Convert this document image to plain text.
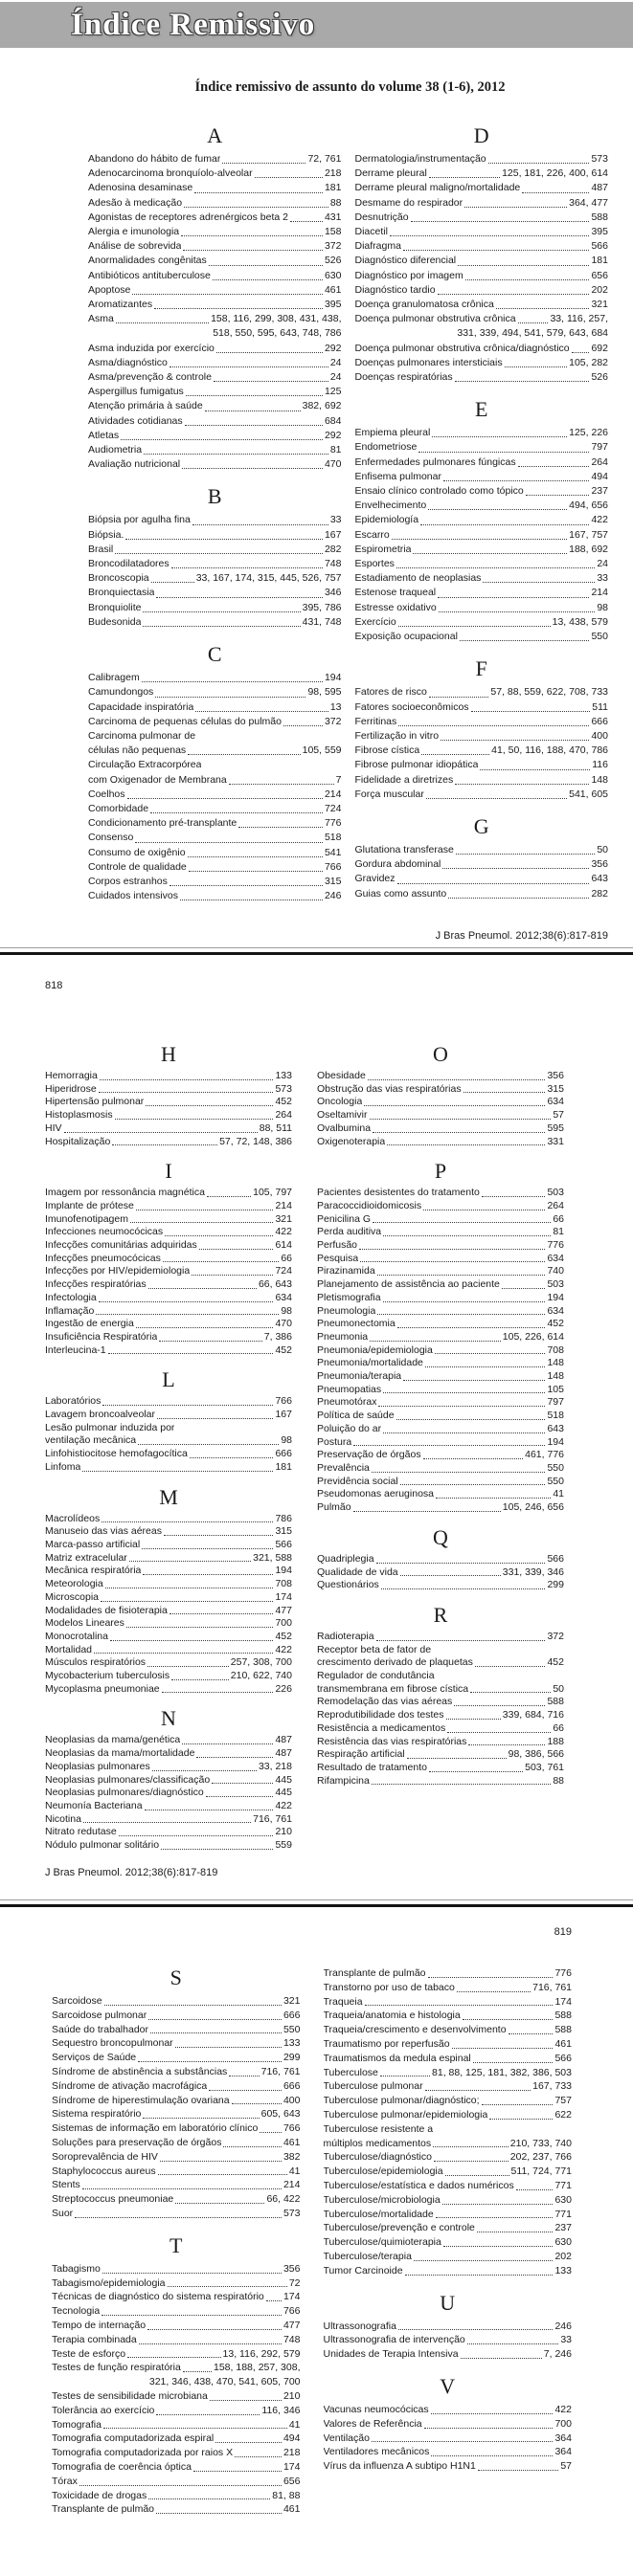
Índice Remissivo
Índice remissivo de assunto do volume 38 (1-6), 2012
A
Abandono do hábito de fumar	72, 761
Adenocarcinoma bronquíolo-alveolar	218
Adenosina desaminase	181
Adesão à medicação	88
Agonistas de receptores adrenérgicos beta 2	431
Alergia e imunologia	158
Análise de sobrevida	372
Anormalidades congênitas	526
Antibióticos antituberculose	630
Apoptose	461
Aromatizantes	395
Asma	158, 116, 299, 308, 431, 438,
518, 550, 595, 643, 748, 786
Asma induzida por exercício	292
Asma/diagnóstico	24
Asma/prevenção & controle	24
Aspergillus fumigatus	125
Atenção primária à saúde	382, 692
Atividades cotidianas	684
Atletas	292
Audiometria	81
Avaliação nutricional	470
B
Biópsia por agulha fina	33
Biópsia.	167
Brasil	282
Broncodilatadores	748
Broncoscopia	33, 167, 174, 315, 445, 526, 757
Bronquiectasia	346
Bronquiolite	395, 786
Budesonida	431, 748
C
Calibragem	194
Camundongos	98, 595
Capacidade inspiratória	13
Carcinoma de pequenas células do pulmão	372
Carcinoma pulmonar de
células não pequenas	105, 559
Circulação Extracorpórea
com Oxigenador de Membrana	7
Coelhos	214
Comorbidade	724
Condicionamento pré-transplante	776
Consenso	518
Consumo de oxigênio	541
Controle de qualidade	766
Corpos estranhos	315
Cuidados intensivos	246
D
Dermatologia/instrumentação	573
Derrame pleural	125, 181, 226, 400, 614
Derrame pleural maligno/mortalidade	487
Desmame do respirador	364, 477
Desnutrição	588
Diacetil	395
Diafragma	566
Diagnóstico diferencial	181
Diagnóstico por imagem	656
Diagnóstico tardio	202
Doença granulomatosa crônica	321
Doença pulmonar obstrutiva crônica	33, 116, 257,
331, 339, 494, 541, 579, 643, 684
Doença pulmonar obstrutiva crônica/diagnóstico 692
Doenças pulmonares intersticiais	105, 282
Doenças respiratórias	526
E
Empiema pleural	125, 226
Endometriose	797
Enfermedades pulmonares fúngicas	264
Enfisema pulmonar	494
Ensaio clínico controlado como tópico	237
Envelhecimento	494, 656
Epidemiología	422
Escarro	167, 757
Espirometria	188, 692
Esportes	24
Estadiamento de neoplasias	33
Estenose traqueal	214
Estresse oxidativo	98
Exercício	13, 438, 579
Exposição ocupacional	550
F
Fatores de risco	57, 88, 559, 622, 708, 733
Fatores socioeconômicos	511
Ferritinas	666
Fertilização in vitro	400
Fibrose cística	41, 50, 116, 188, 470, 786
Fibrose pulmonar idiopática	116
Fidelidade a diretrizes	148
Força muscular	541, 605
G
Glutationa transferase	50
Gordura abdominal	356
Gravidez	643
Guias como assunto	282
J Bras Pneumol. 2012;38(6):817-819
818
H
Hemorragia	133
Hiperidrose	573
Hipertensão pulmonar	452
Histoplasmosis	264
HIV	88, 511
Hospitalização	57, 72, 148, 386
I
Imagem por ressonância magnética	105, 797
Implante de prótese	214
Imunofenotipagem	321
Infecciones neumocócicas	422
Infecções comunitárias adquiridas	614
Infecções pneumocócicas	66
Infecções por HIV/epidemiologia	724
Infecções respiratórias	66, 643
Infectologia	634
Inflamação	98
Ingestão de energia	470
Insuficiência Respiratória	7, 386
Interleucina-1	452
L
Laboratórios	766
Lavagem broncoalveolar	167
Lesão pulmonar induzida por
ventilação mecânica	98
Linfohistiocitose hemofagocítica	666
Linfoma	181
M
Macrolídeos	786
Manuseio das vias aéreas	315
Marca-passo artificial	566
Matriz extracelular	321, 588
Mecânica respiratória	194
Meteorologia	708
Microscopia	174
Modalidades de fisioterapia	477
Modelos Lineares	700
Monocrotalina	452
Mortalidad	422
Músculos respiratórios	257, 308, 700
Mycobacterium tuberculosis	210, 622, 740
Mycoplasma pneumoniae	226
N
Neoplasias da mama/genética	487
Neoplasias da mama/mortalidade	487
Neoplasias pulmonares	33, 218
Neoplasias pulmonares/classificação	445
Neoplasias pulmonares/diagnóstico	445
Neumonía Bacteriana	422
Nicotina	716, 761
Nitrato redutase	210
Nódulo pulmonar solitário	559
O
Obesidade	356
Obstrução das vias respiratórias	315
Oncologia	634
Oseltamivir	57
Ovalbumina	595
Oxigenoterapia	331
P
Pacientes desistentes do tratamento	503
Paracoccidioidomicosis	264
Penicilina G	66
Perda auditiva	81
Perfusão	776
Pesquisa	634
Pirazinamida	740
Planejamento de assistência ao paciente	503
Pletismografia	194
Pneumologia	634
Pneumonectomia	452
Pneumonia	105, 226, 614
Pneumonia/epidemiologia	708
Pneumonia/mortalidade	148
Pneumonia/terapia	148
Pneumopatias	105
Pneumotórax	797
Política de saúde	518
Poluição do ar	643
Postura	194
Preservação de órgãos	461, 776
Prevalência	550
Previdência social	550
Pseudomonas aeruginosa	41
Pulmão	105, 246, 656
Q
Quadriplegia	566
Qualidade de vida	331, 339, 346
Questionários	299
R
Radioterapia	372
Receptor beta de fator de
crescimento derivado de plaquetas	452
Regulador de condutância
transmembrana em fibrose cística	50
Remodelação das vias aéreas	588
Reprodutibilidade dos testes	339, 684, 716
Resistência a medicamentos	66
Resistência das vias respiratórias	188
Respiração artificial	98, 386, 566
Resultado de tratamento	503, 761
Rifampicina	88
J Bras Pneumol. 2012;38(6):817-819
819
S
Sarcoidose	321
Sarcoidose pulmonar	666
Saúde do trabalhador	550
Sequestro broncopulmonar	133
Serviços de Saúde	299
Síndrome de abstinência a substâncias	716, 761
Síndrome de ativação macrofágica	666
Síndrome de hiperestimulação ovariana	400
Sistema respiratório	605, 643
Sistemas de informação em laboratório clínico	766
Soluções para preservação de órgãos	461
Soroprevalência de HIV	382
Staphylococcus aureus	41
Stents	214
Streptococcus pneumoniae	66, 422
Suor	573
T
Tabagismo	356
Tabagismo/epidemiologia	72
Técnicas de diagnóstico do sistema respiratório 174
Tecnologia	766
Tempo de internação	477
Terapia combinada	748
Teste de esforço	13, 116, 292, 579
Testes de função respiratória	158, 188, 257, 308,
321, 346, 438, 470, 541, 605, 700
Testes de sensibilidade microbiana	210
Tolerância ao exercício	116, 346
Tomografia	41
Tomografia computadorizada espiral	494
Tomografia computadorizada por raios X	218
Tomografia de coerência óptica	174
Tórax	656
Toxicidade de drogas	81, 88
Transplante de pulmão	461
Transplante de pulmão	776
Transtorno por uso de tabaco	716, 761
Traqueia	174
Traqueia/anatomia e histologia	588
Traqueia/crescimento e desenvolvimento	588
Traumatismo por reperfusão	461
Traumatismos da medula espinal	566
Tuberculose	81, 88, 125, 181, 382, 386, 503
Tuberculose pulmonar	167, 733
Tuberculose pulmonar/diagnóstico;	757
Tuberculose pulmonar/epidemiologia	622
Tuberculose resistente a
múltiplos medicamentos	210, 733, 740
Tuberculose/diagnóstico	202, 237, 766
Tuberculose/epidemiologia	511, 724, 771
Tuberculose/estatística e dados numéricos	771
Tuberculose/microbiologia	630
Tuberculose/mortalidade	771
Tuberculose/prevenção e controle	237
Tuberculose/quimioterapia	630
Tuberculose/terapia	202
Tumor Carcinoide	133
U
Ultrassonografia	246
Ultrassonografia de intervenção	33
Unidades de Terapia Intensiva	7, 246
V
Vacunas neumocócicas	422
Valores de Referência	700
Ventilação	364
Ventiladores mecânicos	364
Vírus da influenza A subtipo H1N1	57
